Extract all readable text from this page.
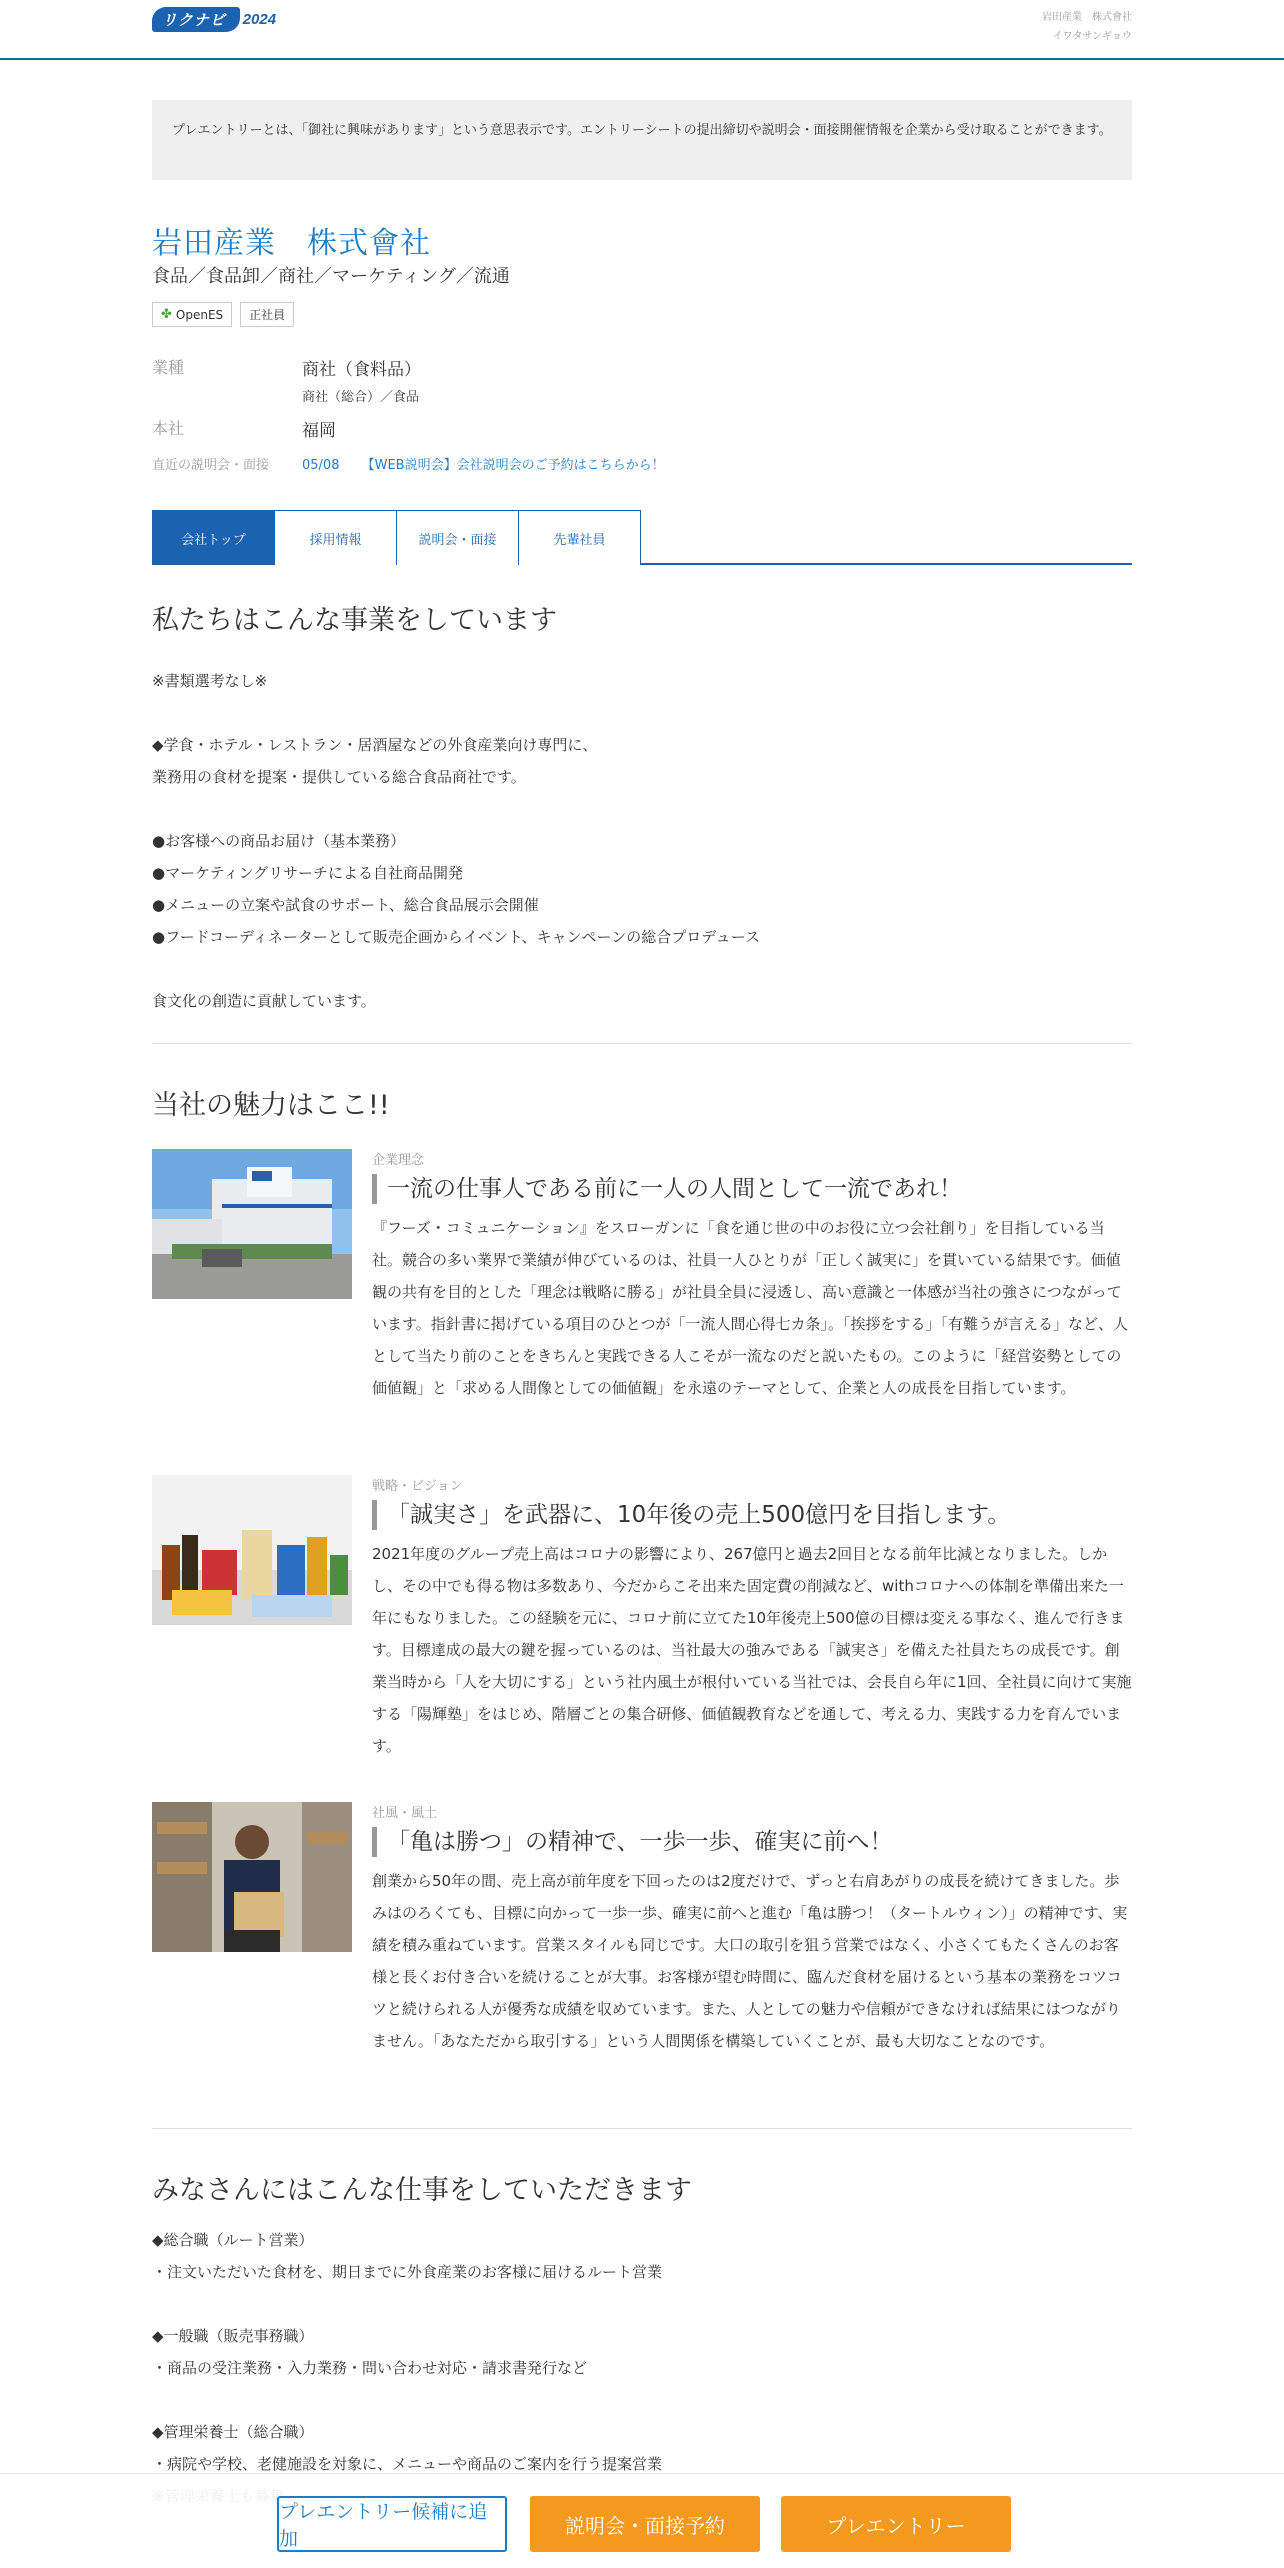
リクナビ	2024	岩田産業　株式會社
イワタサンギョウ
プレエントリーとは、「御社に興味があります」という意思表示です。エントリーシートの提出締切や説明会・面接開催情報を企業から受け取ることができます。
岩田産業　株式會社
食品／食品卸／商社／マーケティング／流通
✤ OpenES 正社員
業種	商社（食料品）
商社（総合）／食品
本社	福岡
直近の説明会・面接	05/08 【WEB説明会】会社説明会のご予約はこちらから！
会社トップ	採用情報	説明会・面接	先輩社員
私たちはこんな事業をしています
※書類選考なし※

◆学食・ホテル・レストラン・居酒屋などの外食産業向け専門に、
業務用の食材を提案・提供している総合食品商社です。

●お客様への商品お届け（基本業務）
●マーケティングリサーチによる自社商品開発
●メニューの立案や試食のサポート、総合食品展示会開催
●フードコーディネーターとして販売企画からイベント、キャンペーンの総合プロデュース

食文化の創造に貢献しています。
当社の魅力はここ!!
企業理念
一流の仕事人である前に一人の人間として一流であれ！
『フーズ・コミュニケーション』をスローガンに「食を通じ世の中のお役に立つ会社創り」を目指している当社。競合の多い業界で業績が伸びているのは、社員一人ひとりが「正しく誠実に」を貫いている結果です。価値観の共有を目的とした「理念は戦略に勝る」が社員全員に浸透し、高い意識と一体感が当社の強さにつながっています。指針書に掲げている項目のひとつが「一流人間心得七カ条」。「挨拶をする」「有難うが言える」など、人として当たり前のことをきちんと実践できる人こそが一流なのだと説いたもの。このように「経営姿勢としての価値観」と「求める人間像としての価値観」を永遠のテーマとして、企業と人の成長を目指しています。
戦略・ビジョン
「誠実さ」を武器に、10年後の売上500億円を目指します。
2021年度のグループ売上高はコロナの影響により、267億円と過去2回目となる前年比減となりました。しかし、その中でも得る物は多数あり、今だからこそ出来た固定費の削減など、withコロナへの体制を準備出来た一年にもなりました。この経験を元に、コロナ前に立てた10年後売上500億の目標は変える事なく、進んで行きます。目標達成の最大の鍵を握っているのは、当社最大の強みである「誠実さ」を備えた社員たちの成長です。創業当時から「人を大切にする」という社内風土が根付いている当社では、会長自ら年に1回、全社員に向けて実施する「陽輝塾」をはじめ、階層ごとの集合研修、価値観教育などを通して、考える力、実践する力を育んでいます。
社風・風土
「亀は勝つ」の精神で、一歩一歩、確実に前へ！
創業から50年の間、売上高が前年度を下回ったのは2度だけで、ずっと右肩あがりの成長を続けてきました。歩みはのろくても、目標に向かって一歩一歩、確実に前へと進む「亀は勝つ！（タートルウィン）」の精神です、実績を積み重ねています。営業スタイルも同じです。大口の取引を狙う営業ではなく、小さくてもたくさんのお客様と長くお付き合いを続けることが大事。お客様が望む時間に、臨んだ食材を届けるという基本の業務をコツコツと続けられる人が優秀な成績を収めています。また、人としての魅力や信頼ができなければ結果にはつながりません。「あなただから取引する」という人間関係を構築していくことが、最も大切なことなのです。
みなさんにはこんな仕事をしていただきます
◆総合職（ルート営業）
・注文いただいた食材を、期日までに外食産業のお客様に届けるルート営業

◆一般職（販売事務職）
・商品の受注業務・入力業務・問い合わせ対応・請求書発行など

◆管理栄養士（総合職）
・病院や学校、老健施設を対象に、メニューや商品のご案内を行う提案営業

プレエントリー候補に追加
説明会・面接予約	プレエントリー
